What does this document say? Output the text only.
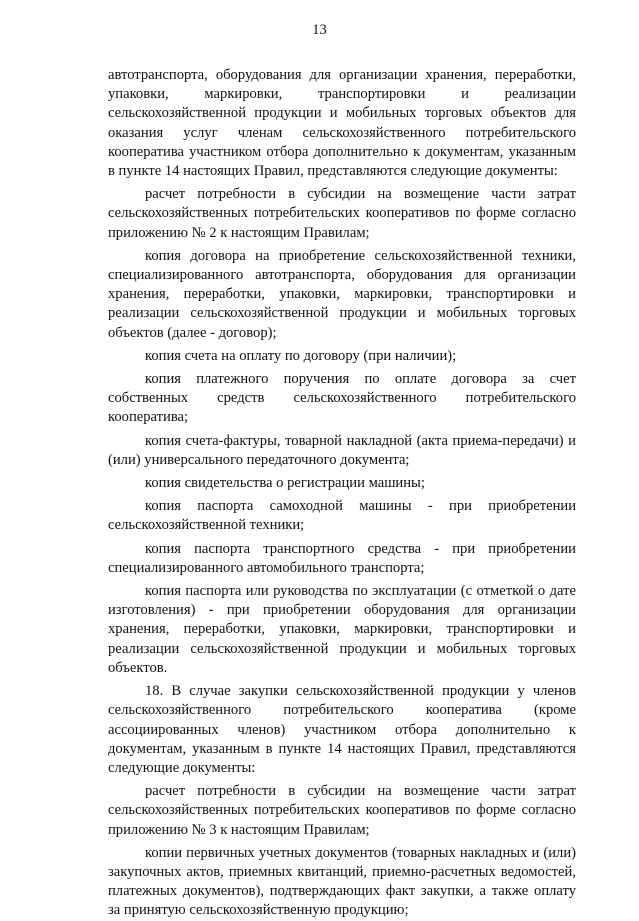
13

автотранспорта, оборудования для организации хранения, переработки, упаковки, маркировки, транспортировки и реализации сельскохозяйственной продукции и мобильных торговых объектов для оказания услуг членам сельскохозяйственного потребительского кооператива участником отбора дополнительно к документам, указанным в пункте 14 настоящих Правил, представляются следующие документы:

расчет потребности в субсидии на возмещение части затрат сельскохозяйственных потребительских кооперативов по форме согласно приложению № 2 к настоящим Правилам;

копия договора на приобретение сельскохозяйственной техники, специализированного автотранспорта, оборудования для организации хранения, переработки, упаковки, маркировки, транспортировки и реализации сельскохозяйственной продукции и мобильных торговых объектов (далее - договор);

копия счета на оплату по договору (при наличии);

копия платежного поручения по оплате договора за счет собственных средств сельскохозяйственного потребительского кооператива;

копия счета-фактуры, товарной накладной (акта приема-передачи) и (или) универсального передаточного документа;

копия свидетельства о регистрации машины;

копия паспорта самоходной машины - при приобретении сельскохозяйственной техники;

копия паспорта транспортного средства - при приобретении специализированного автомобильного транспорта;

копия паспорта или руководства по эксплуатации (с отметкой о дате изготовления) - при приобретении оборудования для организации хранения, переработки, упаковки, маркировки, транспортировки и реализации сельскохозяйственной продукции и мобильных торговых объектов.

18. В случае закупки сельскохозяйственной продукции у членов сельскохозяйственного потребительского кооператива (кроме ассоциированных членов) участником отбора дополнительно к документам, указанным в пункте 14 настоящих Правил, представляются следующие документы:

расчет потребности в субсидии на возмещение части затрат сельскохозяйственных потребительских кооперативов по форме согласно приложению № 3 к настоящим Правилам;

копии первичных учетных документов (товарных накладных и (или) закупочных актов, приемных квитанций, приемно-расчетных ведомостей, платежных документов), подтверждающих факт закупки, а также оплату за принятую сельскохозяйственную продукцию;
